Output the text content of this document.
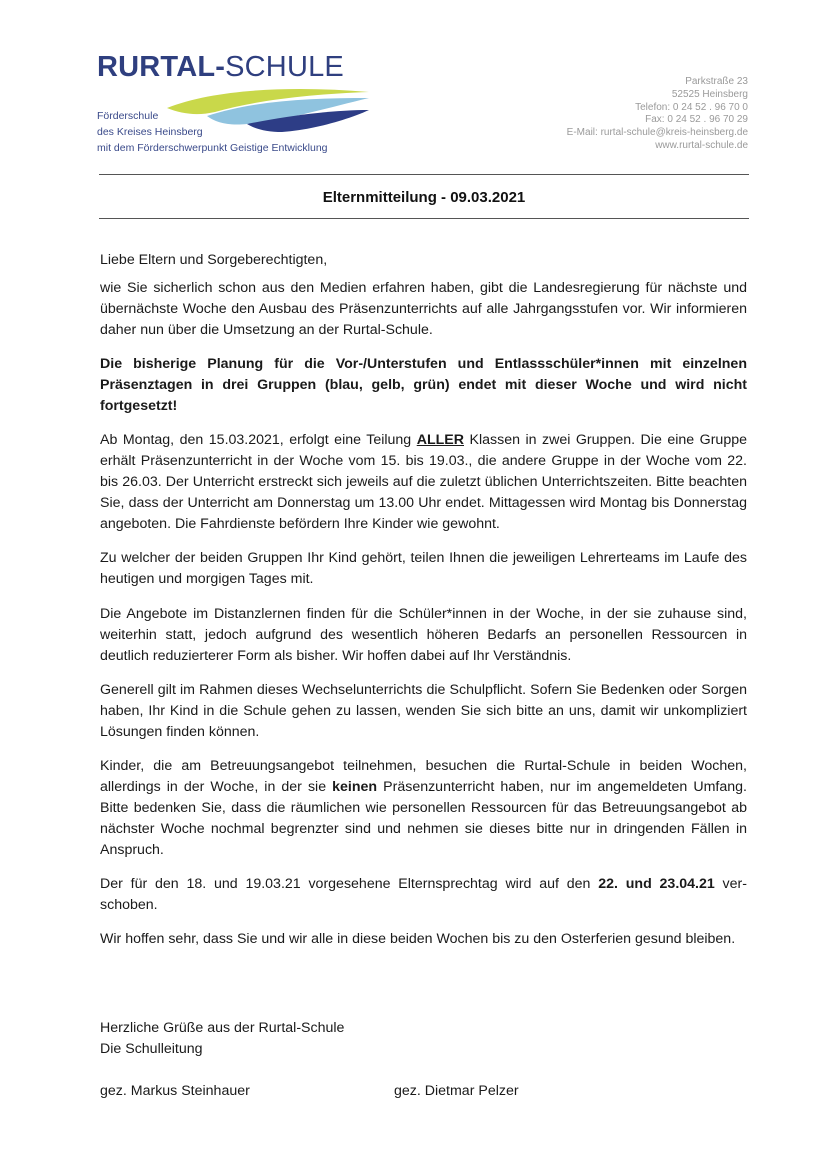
RURTAL-SCHULE
Förderschule
des Kreises Heinsberg
mit dem Förderschwerpunkt Geistige Entwicklung
Parkstraße 23
52525 Heinsberg
Telefon: 0 24 52 . 96 70 0
Fax: 0 24 52 . 96 70 29
E-Mail: rurtal-schule@kreis-heinsberg.de
www.rurtal-schule.de
Elternmitteilung - 09.03.2021

Liebe Eltern und Sorgeberechtigten,

wie Sie sicherlich schon aus den Medien erfahren haben, gibt die Landesregierung für nächste und übernächste Woche den Ausbau des Präsenzunterrichts auf alle Jahrgangsstufen vor. Wir informieren daher nun über die Umsetzung an der Rurtal-Schule.

Die bisherige Planung für die Vor-/Unterstufen und Entlassschüler*innen mit einzelnen Präsenztagen in drei Gruppen (blau, gelb, grün) endet mit dieser Woche und wird nicht fortgesetzt!

Ab Montag, den 15.03.2021, erfolgt eine Teilung ALLER Klassen in zwei Gruppen. Die eine Gruppe erhält Präsenzunterricht in der Woche vom 15. bis 19.03., die andere Gruppe in der Woche vom 22. bis 26.03. Der Unterricht erstreckt sich jeweils auf die zuletzt üblichen Unterrichtszeiten. Bitte beachten Sie, dass der Unterricht am Donnerstag um 13.00 Uhr endet. Mittagessen wird Montag bis Donnerstag angeboten. Die Fahrdienste befördern Ihre Kinder wie gewohnt.

Zu welcher der beiden Gruppen Ihr Kind gehört, teilen Ihnen die jeweiligen Lehrerteams im Laufe des heutigen und morgigen Tages mit.

Die Angebote im Distanzlernen finden für die Schüler*innen in der Woche, in der sie zuhause sind, weiterhin statt, jedoch aufgrund des wesentlich höheren Bedarfs an personellen Ressourcen in deutlich reduzierterer Form als bisher. Wir hoffen dabei auf Ihr Verständnis.

Generell gilt im Rahmen dieses Wechselunterrichts die Schulpflicht. Sofern Sie Bedenken oder Sorgen haben, Ihr Kind in die Schule gehen zu lassen, wenden Sie sich bitte an uns, damit wir unkompliziert Lösungen finden können.

Kinder, die am Betreuungsangebot teilnehmen, besuchen die Rurtal-Schule in beiden Wochen, allerdings in der Woche, in der sie keinen Präsenzunterricht haben, nur im angemeldeten Umfang. Bitte bedenken Sie, dass die räumlichen wie personellen Ressourcen für das Betreuungsangebot ab nächster Woche nochmal begrenzter sind und nehmen sie dieses bitte nur in dringenden Fällen in Anspruch.

Der für den 18. und 19.03.21 vorgesehene Elternsprechtag wird auf den 22. und 23.04.21 ver-schoben.

Wir hoffen sehr, dass Sie und wir alle in diese beiden Wochen bis zu den Osterferien gesund bleiben.

Herzliche Grüße aus der Rurtal-Schule
Die Schulleitung
gez. Markus Steinhauer	gez. Dietmar Pelzer
